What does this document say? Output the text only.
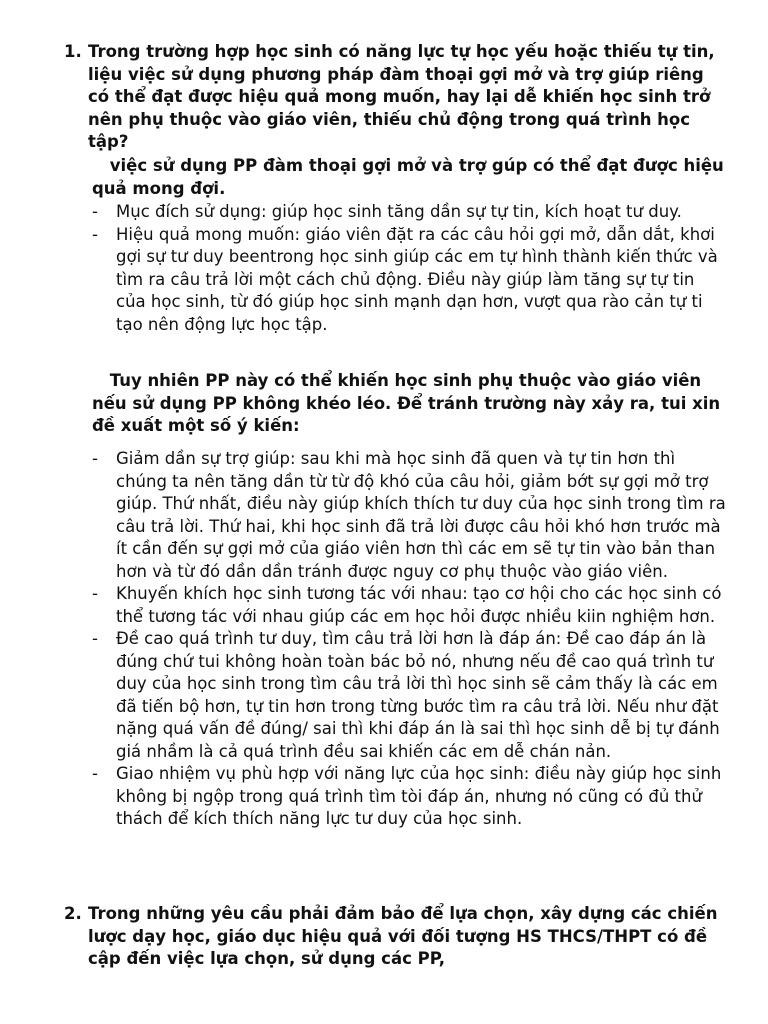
1. Trong trường hợp học sinh có năng lực tự học yếu hoặc thiếu tự tin, liệu việc sử dụng phương pháp đàm thoại gợi mở và trợ giúp riêng có thể đạt được hiệu quả mong muốn, hay lại dễ khiến học sinh trở nên phụ thuộc vào giáo viên, thiếu chủ động trong quá trình học tập?
việc sử dụng PP đàm thoại gợi mở và trợ gúp có thể đạt được hiệu quả mong đợi.
- Mục đích sử dụng: giúp học sinh tăng dần sự tự tin, kích hoạt tư duy.
- Hiệu quả mong muốn: giáo viên đặt ra các câu hỏi gợi mở, dẫn dắt, khơi gợi sự tư duy beentrong học sinh giúp các em tự hình thành kiến thức và tìm ra câu trả lời một cách chủ động. Điều này giúp làm tăng sự tự tin của học sinh, từ đó giúp học sinh mạnh dạn hơn, vượt qua rào cản tự ti tạo nên động lực học tập.
Tuy nhiên PP này có thể khiến học sinh phụ thuộc vào giáo viên nếu sử dụng PP không khéo léo. Để tránh trường này xảy ra, tui xin đề xuất một số ý kiến:
- Giảm dần sự trợ giúp: sau khi mà học sinh đã quen và tự tin hơn thì chúng ta nên tăng dần từ từ độ khó của câu hỏi, giảm bớt sự gợi mở trợ giúp. Thứ nhất, điều này giúp khích thích tư duy của học sinh trong tìm ra câu trả lời. Thứ hai, khi học sinh đã trả lời được câu hỏi khó hơn trước mà ít cần đến sự gợi mở của giáo viên hơn thì các em sẽ tự tin vào bản than hơn và từ đó dần dần tránh được nguy cơ phụ thuộc vào giáo viên.
- Khuyến khích học sinh tương tác với nhau: tạo cơ hội cho các học sinh có thể tương tác với nhau giúp các em học hỏi được nhiều kiin nghiệm hơn.
- Đề cao quá trình tư duy, tìm câu trả lời hơn là đáp án: Đề cao đáp án là đúng chứ tui không hoàn toàn bác bỏ nó, nhưng nếu đề cao quá trình tư duy của học sinh trong tìm câu trả lời thì học sinh sẽ cảm thấy là các em đã tiến bộ hơn, tự tin hơn trong từng bước tìm ra câu trả lời. Nếu như đặt nặng quá vấn đề đúng/ sai thì khi đáp án là sai thì học sinh dễ bị tự đánh giá nhầm là cả quá trình đều sai khiến các em dễ chán nản.
- Giao nhiệm vụ phù hợp với năng lực của học sinh: điều này giúp học sinh không bị ngộp trong quá trình tìm tòi đáp án, nhưng nó cũng có đủ thử thách để kích thích năng lực tư duy của học sinh.
2. Trong những yêu cầu phải đảm bảo để lựa chọn, xây dựng các chiến lược dạy học, giáo dục hiệu quả với đối tượng HS THCS/THPT có đề cập đến việc lựa chọn, sử dụng các PP,
